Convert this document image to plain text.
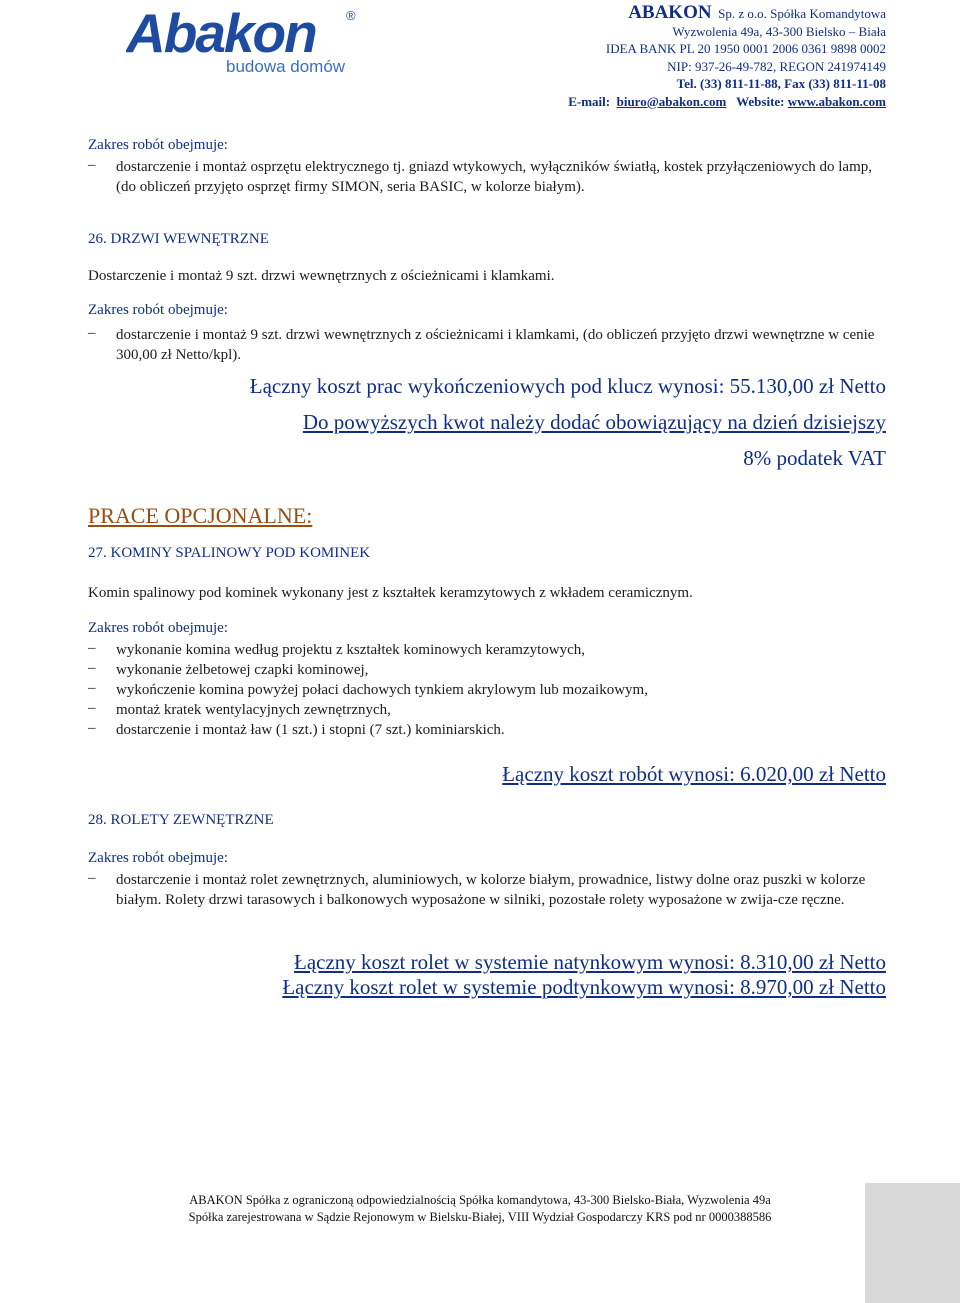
Abakon ®
budowa domów
ABAKON Sp. z o.o. Spółka Komandytowa
Wyzwolenia 49a, 43-300 Bielsko – Biała
IDEA BANK PL 20 1950 0001 2006 0361 9898 0002
NIP: 937-26-49-782, REGON 241974149
Tel. (33) 811-11-88, Fax (33) 811-11-08
E-mail: biuro@abakon.com Website: www.abakon.com
Zakres robót obejmuje:
– dostarczenie i montaż osprzętu elektrycznego tj. gniazd wtykowych, wyłączników światłą, kostek przyłączeniowych do lamp, (do obliczeń przyjęto osprzęt firmy SIMON, seria BASIC, w kolorze białym).
26. DRZWI WEWNĘTRZNE
Dostarczenie i montaż 9 szt. drzwi wewnętrznych z ościeżnicami i klamkami.
Zakres robót obejmuje:
– dostarczenie i montaż 9 szt. drzwi wewnętrznych z ościeżnicami i klamkami, (do obliczeń przyjęto drzwi wewnętrzne w cenie 300,00 zł Netto/kpl).
Łączny koszt prac wykończeniowych pod klucz wynosi: 55.130,00 zł Netto
Do powyższych kwot należy dodać obowiązujący na dzień dzisiejszy
8% podatek VAT
PRACE OPCJONALNE:
27. KOMINY SPALINOWY POD KOMINEK
Komin spalinowy pod kominek wykonany jest z kształtek keramzytowych z wkładem ceramicznym.
Zakres robót obejmuje:
– wykonanie komina według projektu z kształtek kominowych keramzytowych,
– wykonanie żelbetowej czapki kominowej,
– wykończenie komina powyżej połaci dachowych tynkiem akrylowym lub mozaikowym,
– montaż kratek wentylacyjnych zewnętrznych,
– dostarczenie i montaż ław (1 szt.) i stopni (7 szt.) kominiarskich.
Łączny koszt robót wynosi: 6.020,00 zł Netto
28. ROLETY ZEWNĘTRZNE
Zakres robót obejmuje:
– dostarczenie i montaż rolet zewnętrznych, aluminiowych, w kolorze białym, prowadnice, listwy dolne oraz puszki w kolorze białym. Rolety drzwi tarasowych i balkonowych wyposażone w silniki, pozostałe rolety wyposażone w zwija-cze ręczne.
Łączny koszt rolet w systemie natynkowym wynosi: 8.310,00 zł Netto
Łączny koszt rolet w systemie podtynkowym wynosi: 8.970,00 zł Netto
ABAKON Spółka z ograniczoną odpowiedzialnością Spółka komandytowa, 43-300 Bielsko-Biała, Wyzwolenia 49a
Spółka zarejestrowana w Sądzie Rejonowym w Bielsku-Białej, VIII Wydział Gospodarczy KRS pod nr 0000388586
